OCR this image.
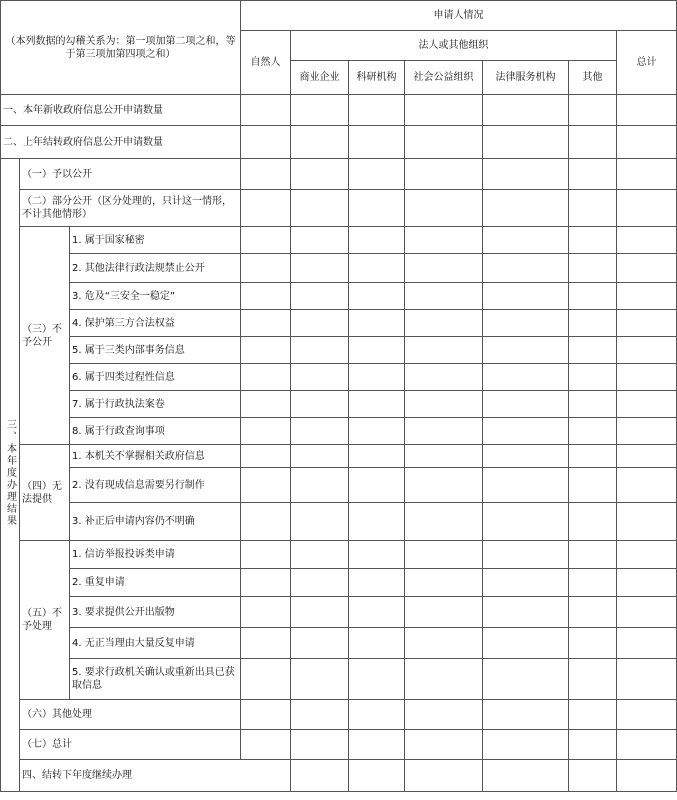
（本列数据的勾稽关系为：第一项加第二项之和，等于第三项加第四项之和）			申请人情况							
			自然人	法人或其他组织					总计	
				商业企业	科研机构	社会公益组织	法律服务机构	其他		
一、本年新收政府信息公开申请数量										
二、上年结转政府信息公开申请数量										
三、本年度办理结果	（一）予以公开									
	（二）部分公开（区分处理的，只计这一情形，不计其他情形）									
	（三）不予公开	1. 属于国家秘密								
		2. 其他法律行政法规禁止公开								
		3. 危及“三安全一稳定”								
		4. 保护第三方合法权益								
		5. 属于三类内部事务信息								
		6. 属于四类过程性信息								
		7. 属于行政执法案卷								
		8. 属于行政查询事项								
	（四）无法提供	1. 本机关不掌握相关政府信息								
		2. 没有现成信息需要另行制作								
		3. 补正后申请内容仍不明确								
	（五）不予处理	1. 信访举报投诉类申请								
		2. 重复申请								
		3. 要求提供公开出版物								
		4. 无正当理由大量反复申请								
		5. 要求行政机关确认或重新出具已获取信息								
	（六）其他处理									
	（七）总计									
	四、结转下年度继续办理									
